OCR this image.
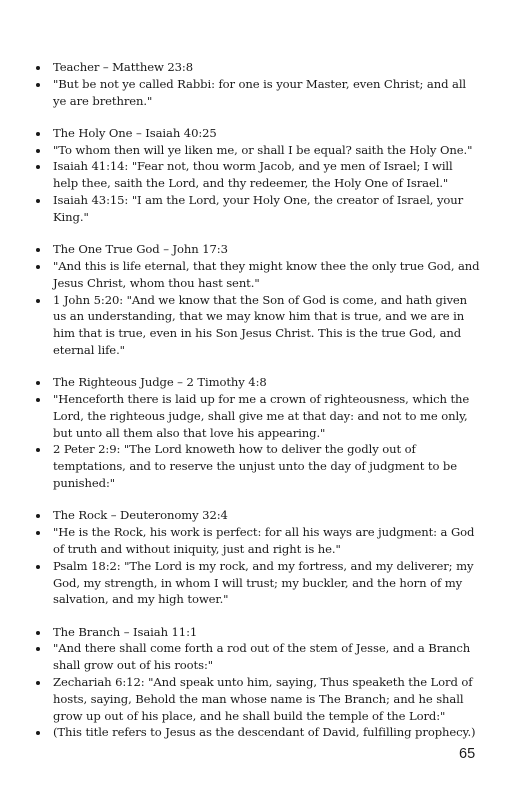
Teacher – Matthew 23:8
"But be not ye called Rabbi: for one is your Master, even Christ; and all ye are brethren."
The Holy One – Isaiah 40:25
"To whom then will ye liken me, or shall I be equal? saith the Holy One."
Isaiah 41:14: "Fear not, thou worm Jacob, and ye men of Israel; I will help thee, saith the Lord, and thy redeemer, the Holy One of Israel."
Isaiah 43:15: "I am the Lord, your Holy One, the creator of Israel, your King."
The One True God – John 17:3
"And this is life eternal, that they might know thee the only true God, and Jesus Christ, whom thou hast sent."
1 John 5:20: "And we know that the Son of God is come, and hath given us an understanding, that we may know him that is true, and we are in him that is true, even in his Son Jesus Christ. This is the true God, and eternal life."
The Righteous Judge – 2 Timothy 4:8
"Henceforth there is laid up for me a crown of righteousness, which the Lord, the righteous judge, shall give me at that day: and not to me only, but unto all them also that love his appearing."
2 Peter 2:9: "The Lord knoweth how to deliver the godly out of temptations, and to reserve the unjust unto the day of judgment to be punished:"
The Rock – Deuteronomy 32:4
"He is the Rock, his work is perfect: for all his ways are judgment: a God of truth and without iniquity, just and right is he."
Psalm 18:2: "The Lord is my rock, and my fortress, and my deliverer; my God, my strength, in whom I will trust; my buckler, and the horn of my salvation, and my high tower."
The Branch – Isaiah 11:1
"And there shall come forth a rod out of the stem of Jesse, and a Branch shall grow out of his roots:"
Zechariah 6:12: "And speak unto him, saying, Thus speaketh the Lord of hosts, saying, Behold the man whose name is The Branch; and he shall grow up out of his place, and he shall build the temple of the Lord:"
(This title refers to Jesus as the descendant of David, fulfilling prophecy.)
65
